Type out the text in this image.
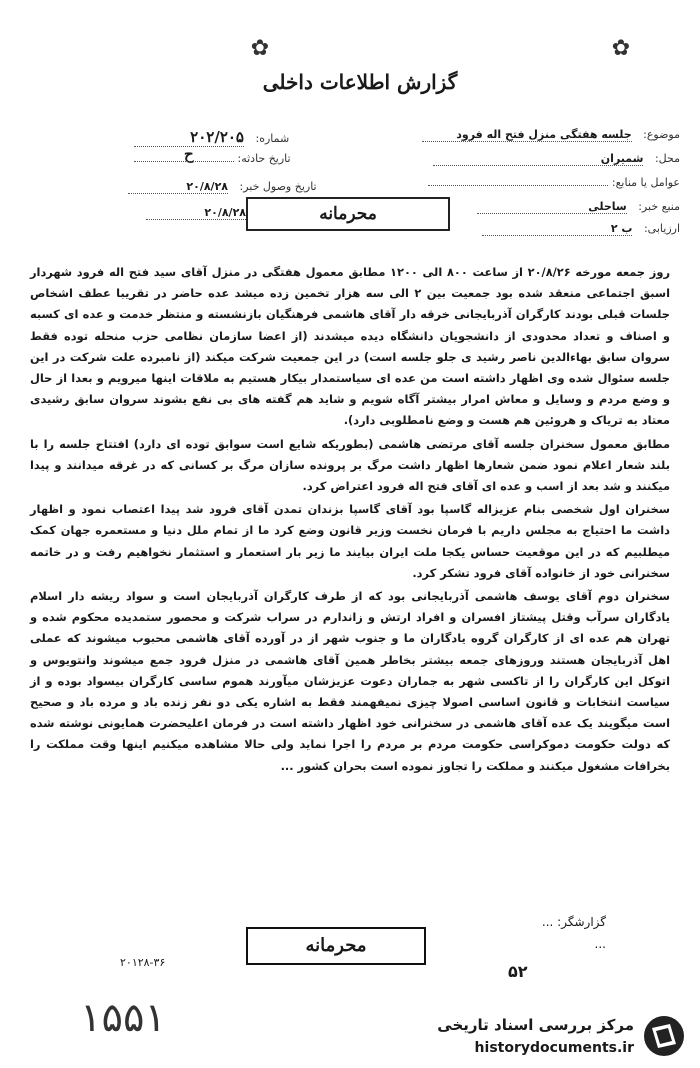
✿
✿
گزارش اطلاعات داخلی
موضوع: جلسه هفتگی منزل فتح اله فرود
محل: شمیران
عوامل یا منابع:
منبع خبر: ساحلی
ارزیابی: ب ۲
شماره: ۲۰۲/۲۰۵
ح	تاریخ حادثه:
تاریخ وصول خبر: ۲۰/۸/۲۸
۲۰/۸/۲۸	محرمانه

روز جمعه مورخه ۲۰/۸/۲۶ از ساعت ۸۰۰ الی ۱۲۰۰ مطابق معمول هفتگی در منزل آقای سید فتح اله فرود شهردار اسبق اجتماعی منعقد شده بود جمعیت بین ۲ الی سه هزار تخمین زده میشد عده حاضر در تقریبا عطف اشخاص جلسات قبلی بودند کارگران آذربایجانی خرقه دار آقای هاشمی فرهنگیان بازنشسته و منتظر خدمت و عده ای کسبه و اصناف و تعداد محدودی از دانشجویان دانشگاه دیده میشدند (از اعضا سازمان نظامی حزب منحله توده فقط سروان سابق بهاءالدین ناصر رشید ی جلو جلسه است) در این جمعیت شرکت میکند (از نامبرده علت شرکت در این جلسه سئوال شده وی اظهار داشته است من عده ای سیاستمدار بیکار هستیم به ملاقات اینها میرویم و بعدا از حال و وضع مردم و وسایل و معاش امرار بیشتر آگاه شویم و شاید هم گفته های بی نفع بشوند سروان سابق رشیدی معتاد به تریاک و هروئین هم هست و وضع نامطلوبی دارد).

مطابق معمول سخنران جلسه آقای مرتضی هاشمی (بطوریکه شایع است سوابق توده ای دارد) افتتاح جلسه را با بلند شعار اعلام نمود ضمن شعارها اظهار داشت مرگ بر پرونده سازان مرگ بر کسانی که در غرقه میدانند و پیدا میکنند و شد بعد از اسب و عده ای آقای فتح اله فرود اعتراض کرد.

سخنران اول شخصی بنام عزیزاله گاسپا بود آقای گاسپا بزندان تمدن آقای فرود شد پیدا اعتصاب نمود و اظهار داشت ما احتیاج به مجلس داریم با فرمان نخست وزیر قانون وضع کرد ما از تمام ملل دنیا و مستعمره جهان کمک میطلبیم که در این موقعیت حساس یکجا ملت ایران بیایند ما زیر بار استعمار و استثمار نخواهیم رفت و در خاتمه سخنرانی خود از خانواده آقای فرود تشکر کرد.

سخنران دوم آقای یوسف هاشمی آذربایجانی بود که از طرف کارگران آذربایجان است و سواد ریشه دار اسلام یادگاران سرآب وقتل پیشتاز افسران و افراد ارتش و زاندارم در سراب شرکت و محصور ستمدیده محکوم شده و تهران هم عده ای از کارگران گروه یادگاران ما و جنوب شهر از در آورده آقای هاشمی محبوب میشوند که عملی اهل آذربایجان هستند وروزهای جمعه بیشتر بخاطر همین آقای هاشمی در منزل فرود جمع میشوند وانتویوس و اتوکل این کارگران را از تاکسی شهر به جماران دعوت عزیزشان میآورند هموم ساسی کارگران بیسواد بوده و از سیاست انتخابات و قانون اساسی اصولا چیزی نمیفهمند فقط به اشاره یکی دو نفر زنده باد و مرده باد و صحیح است میگویند یک عده آقای هاشمی در سخنرانی خود اظهار داشته است در فرمان اعلیحضرت همایونی نوشته شده که دولت حکومت دموکراسی حکومت مردم بر مردم را اجرا نماید ولی حالا مشاهده میکنیم اینها وقت مملکت را بخرافات مشغول میکنند و مملکت را تجاوز نموده است بحران کشور ...

گزارشگر: ...
...
محرمانه
۲۰۱۲۸-۳۶	۵۲
۱۵۵۱	مرکز بررسی اسناد تاریخی
historydocuments.ir
